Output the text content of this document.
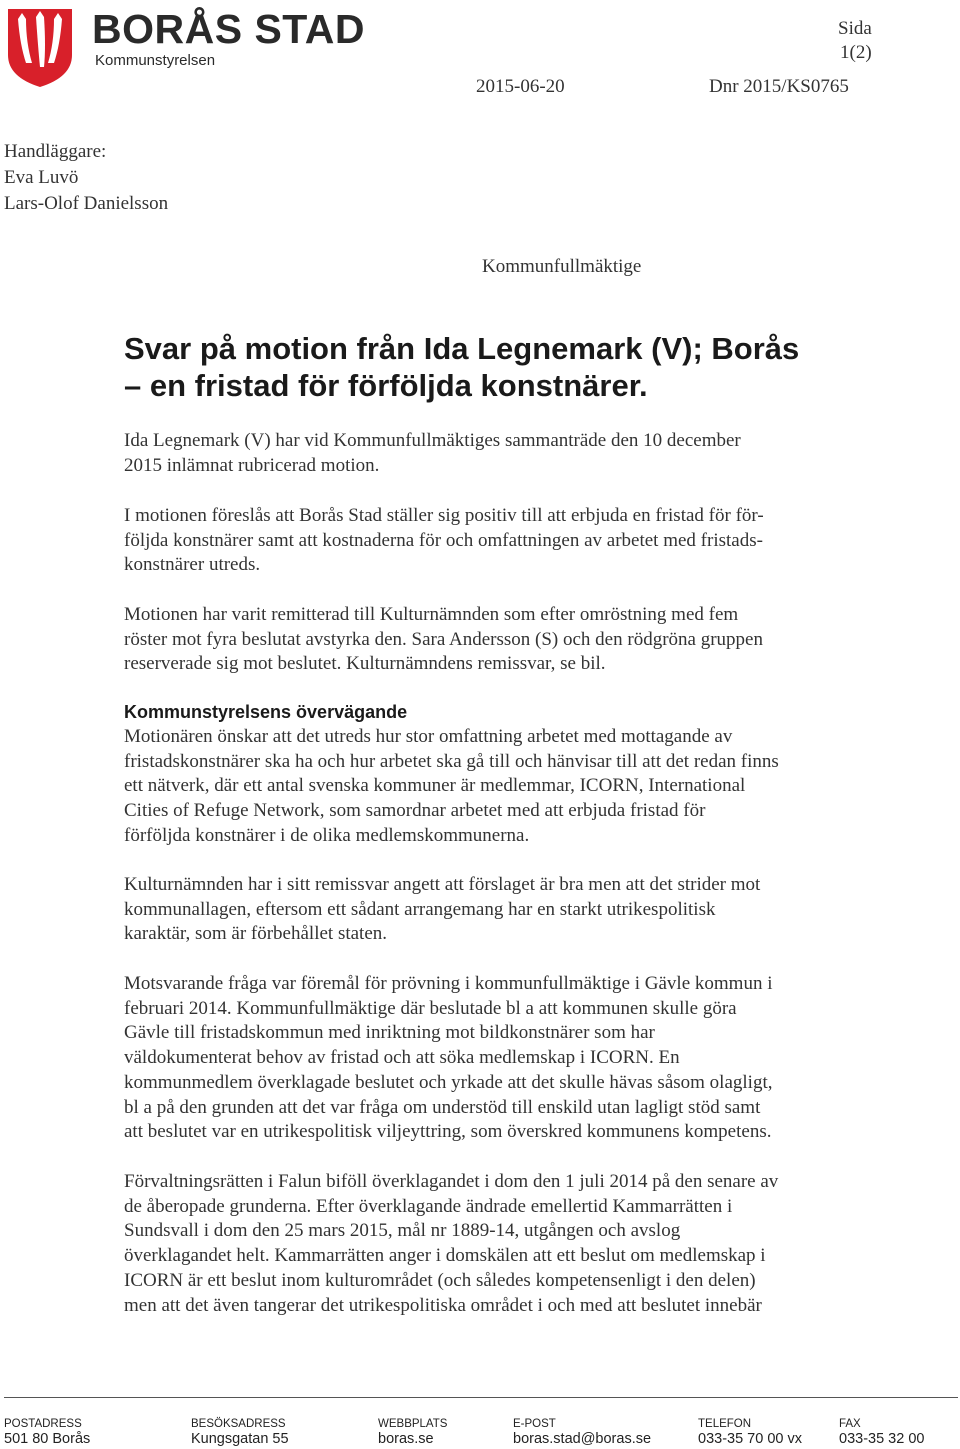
BORÅS STAD
Kommunstyrelsen
Sida
1(2)
2015-06-20	Dnr 2015/KS0765
Handläggare:
Eva Luvö
Lars-Olof Danielsson
Kommunfullmäktige
Svar på motion från Ida Legnemark (V); Borås
– en fristad för förföljda konstnärer.
Ida Legnemark (V) har vid Kommunfullmäktiges sammanträde den 10 december
2015 inlämnat rubricerad motion.
I motionen föreslås att Borås Stad ställer sig positiv till att erbjuda en fristad för för-
följda konstnärer samt att kostnaderna för och omfattningen av arbetet med fristads-
konstnärer utreds.
Motionen har varit remitterad till Kulturnämnden som efter omröstning med fem
röster mot fyra beslutat avstyrka den. Sara Andersson (S) och den rödgröna gruppen
reserverade sig mot beslutet. Kulturnämndens remissvar, se bil.
Kommunstyrelsens övervägande
Motionären önskar att det utreds hur stor omfattning arbetet med mottagande av
fristadskonstnärer ska ha och hur arbetet ska gå till och hänvisar till att det redan finns
ett nätverk, där ett antal svenska kommuner är medlemmar, ICORN, International
Cities of Refuge Network, som samordnar arbetet med att erbjuda fristad för
förföljda konstnärer i de olika medlemskommunerna.
Kulturnämnden har i sitt remissvar angett att förslaget är bra men att det strider mot
kommunallagen, eftersom ett sådant arrangemang har en starkt utrikespolitisk
karaktär, som är förbehållet staten.
Motsvarande fråga var föremål för prövning i kommunfullmäktige i Gävle kommun i
februari 2014. Kommunfullmäktige där beslutade bl a att kommunen skulle göra
Gävle till fristadskommun med inriktning mot bildkonstnärer som har
väldokumenterat behov av fristad och att söka medlemskap i ICORN. En
kommunmedlem överklagade beslutet och yrkade att det skulle hävas såsom olagligt,
bl a på den grunden att det var fråga om understöd till enskild utan lagligt stöd samt
att beslutet var en utrikespolitisk viljeyttring, som överskred kommunens kompetens.
Förvaltningsrätten i Falun biföll överklagandet i dom den 1 juli 2014 på den senare av
de åberopade grunderna. Efter överklagande ändrade emellertid Kammarrätten i
Sundsvall i dom den 25 mars 2015, mål nr 1889-14, utgången och avslog
överklagandet helt. Kammarrätten anger i domskälen att ett beslut om medlemskap i
ICORN är ett beslut inom kulturområdet (och således kompetensenligt i den delen)
men att det även tangerar det utrikespolitiska området i och med att beslutet innebär
POSTADRESS
501 80 Borås
BESÖKSADRESS
Kungsgatan 55
WEBBPLATS
boras.se
E-POST
boras.stad@boras.se
TELEFON
033-35 70 00 vx
FAX
033-35 32 00
